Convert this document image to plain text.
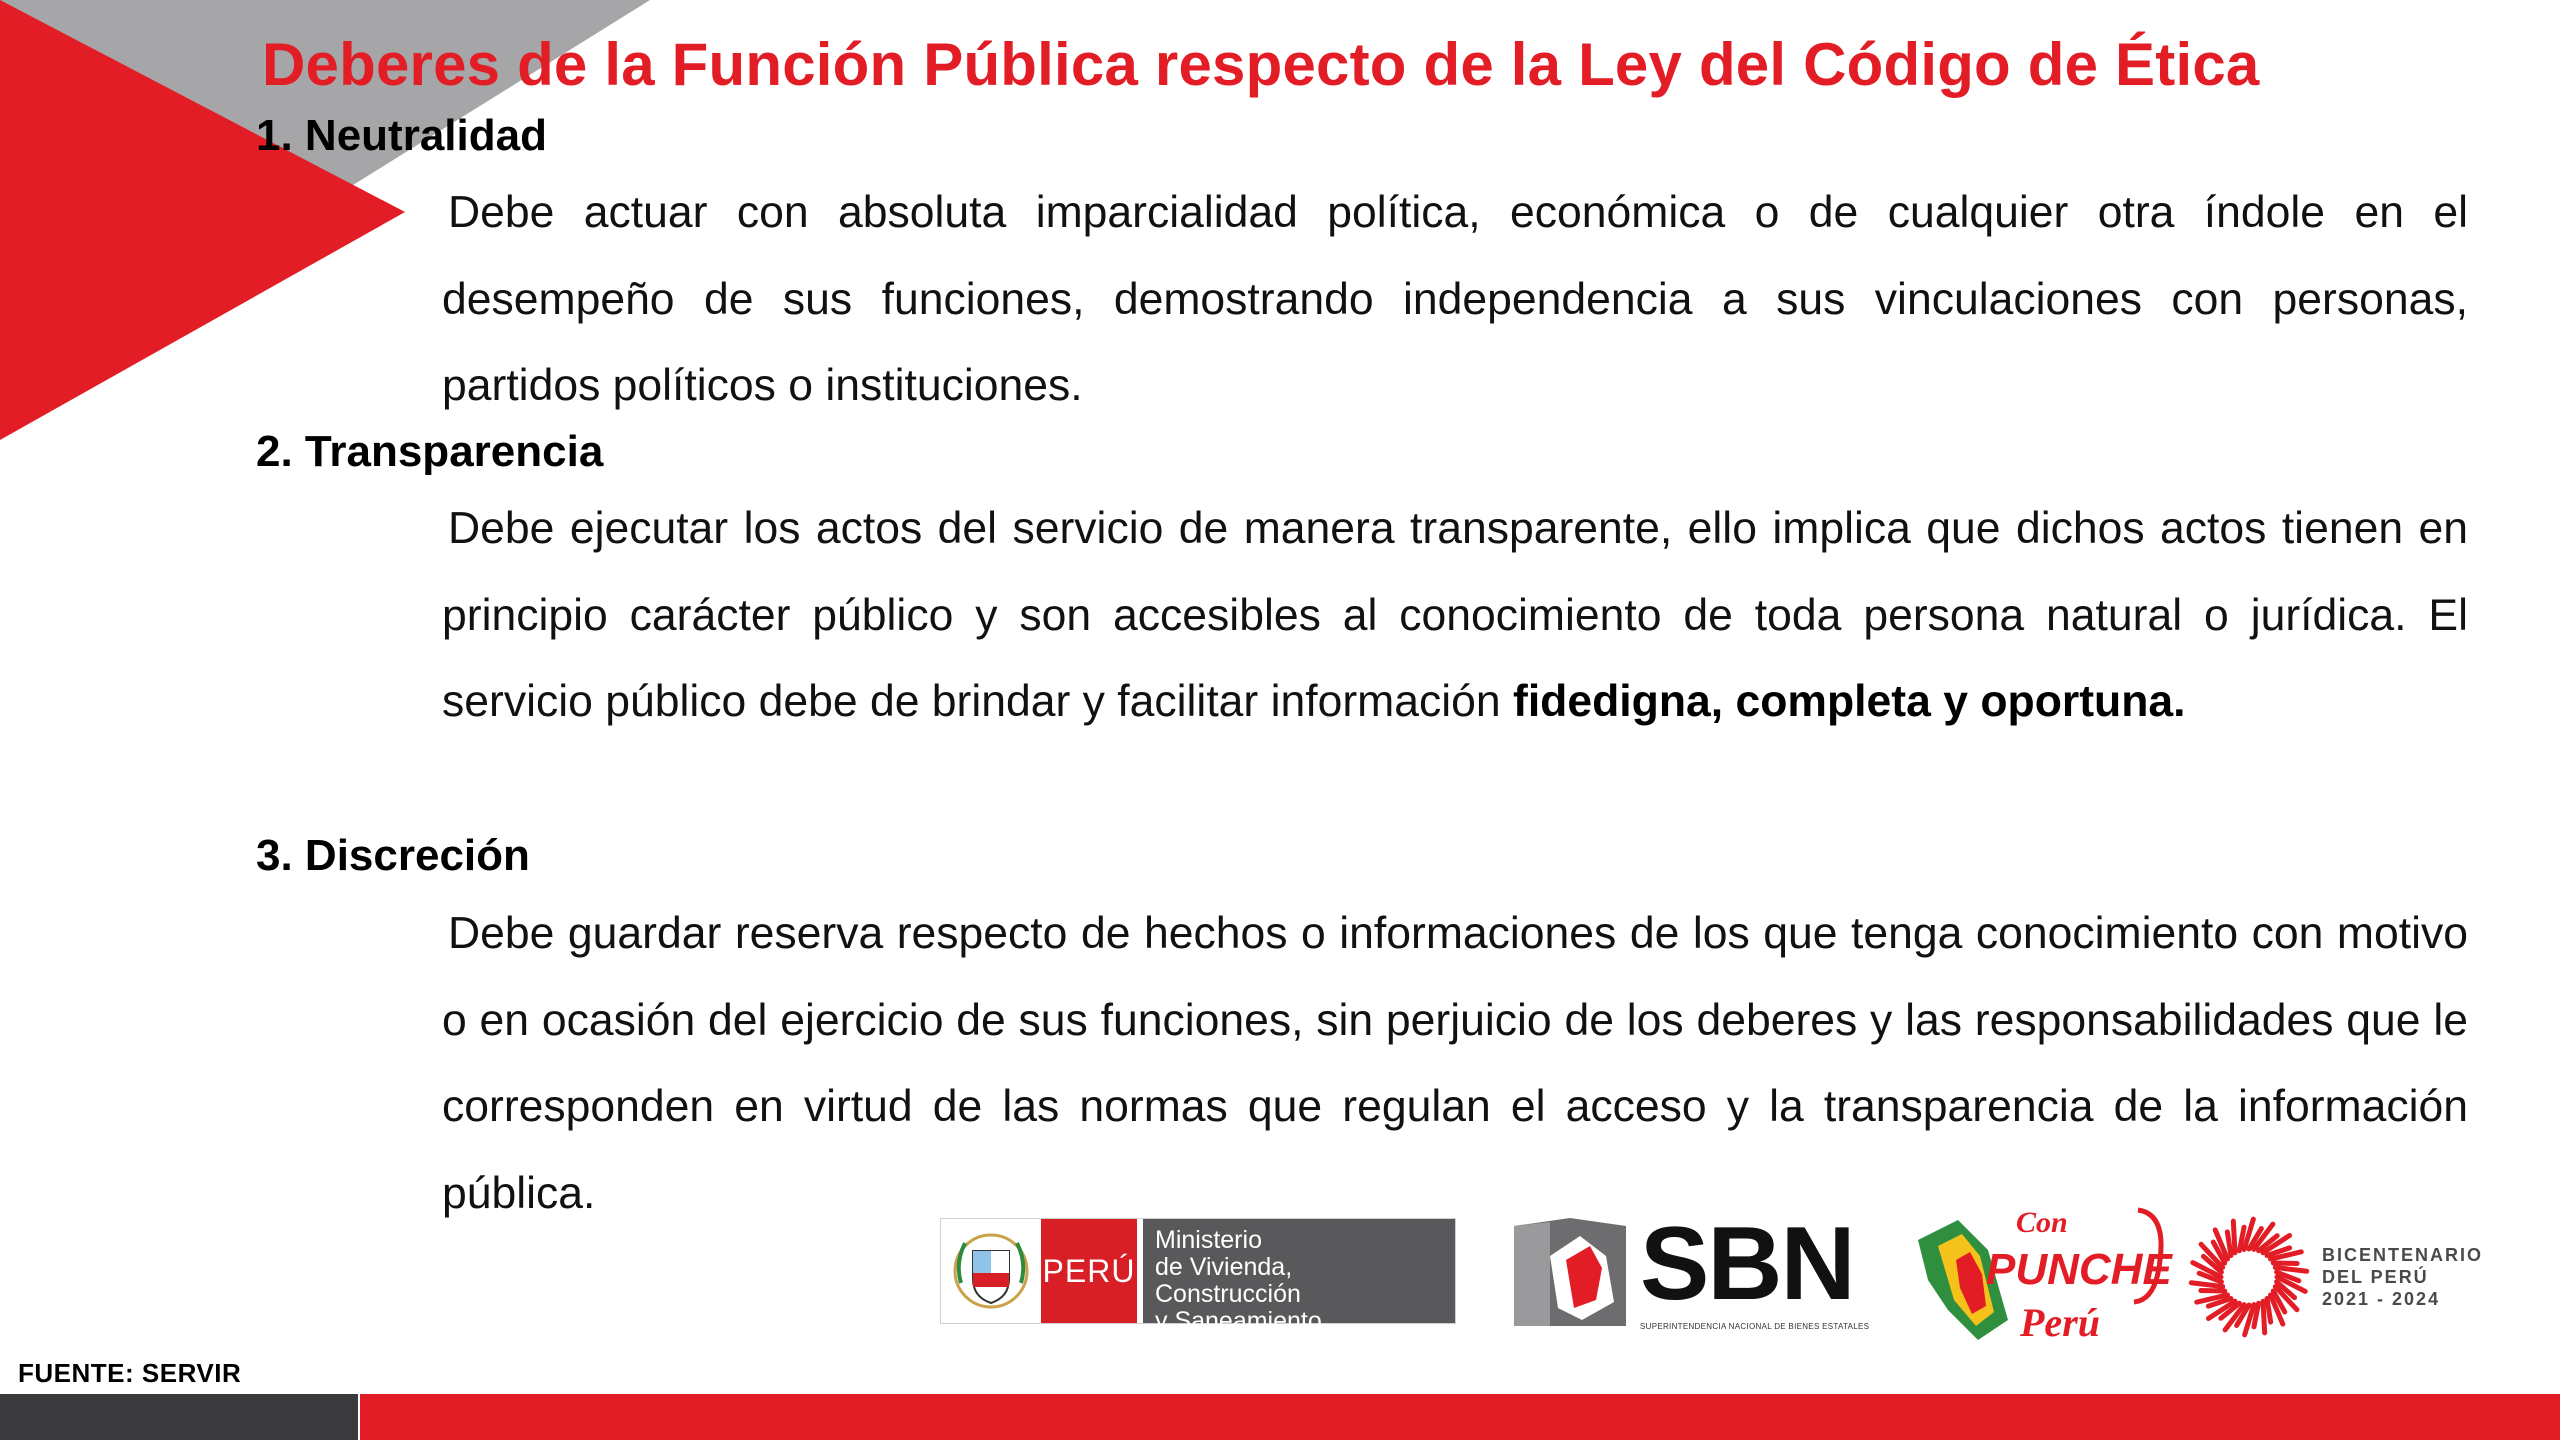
Deberes de la Función Pública respecto de la Ley del Código de Ética
1. Neutralidad

Debe actuar con absoluta imparcialidad política, económica o de cualquier otra índole en el desempeño de sus funciones, demostrando independencia a sus vinculaciones con personas, partidos políticos o instituciones.

2. Transparencia

Debe ejecutar los actos del servicio de manera transparente, ello implica que dichos actos tienen en principio carácter público y son accesibles al conocimiento de toda persona natural o jurídica. El servicio público debe de brindar y facilitar información fidedigna, completa y oportuna.

3. Discreción

Debe guardar reserva respecto de hechos o informaciones de los que tenga conocimiento con motivo o en ocasión del ejercicio de sus funciones, sin perjuicio de los deberes y las responsabilidades que le corresponden en virtud de las normas que regulan el acceso y la transparencia de la información pública.

PERÚ
Ministerio
de Vivienda, Construcción
y Saneamiento	SBN
SUPERINTENDENCIA NACIONAL DE BIENES ESTATALES
Con
PUNCHE
Perú
BICENTENARIO
DEL PERÚ
2021 - 2024
FUENTE: SERVIR
